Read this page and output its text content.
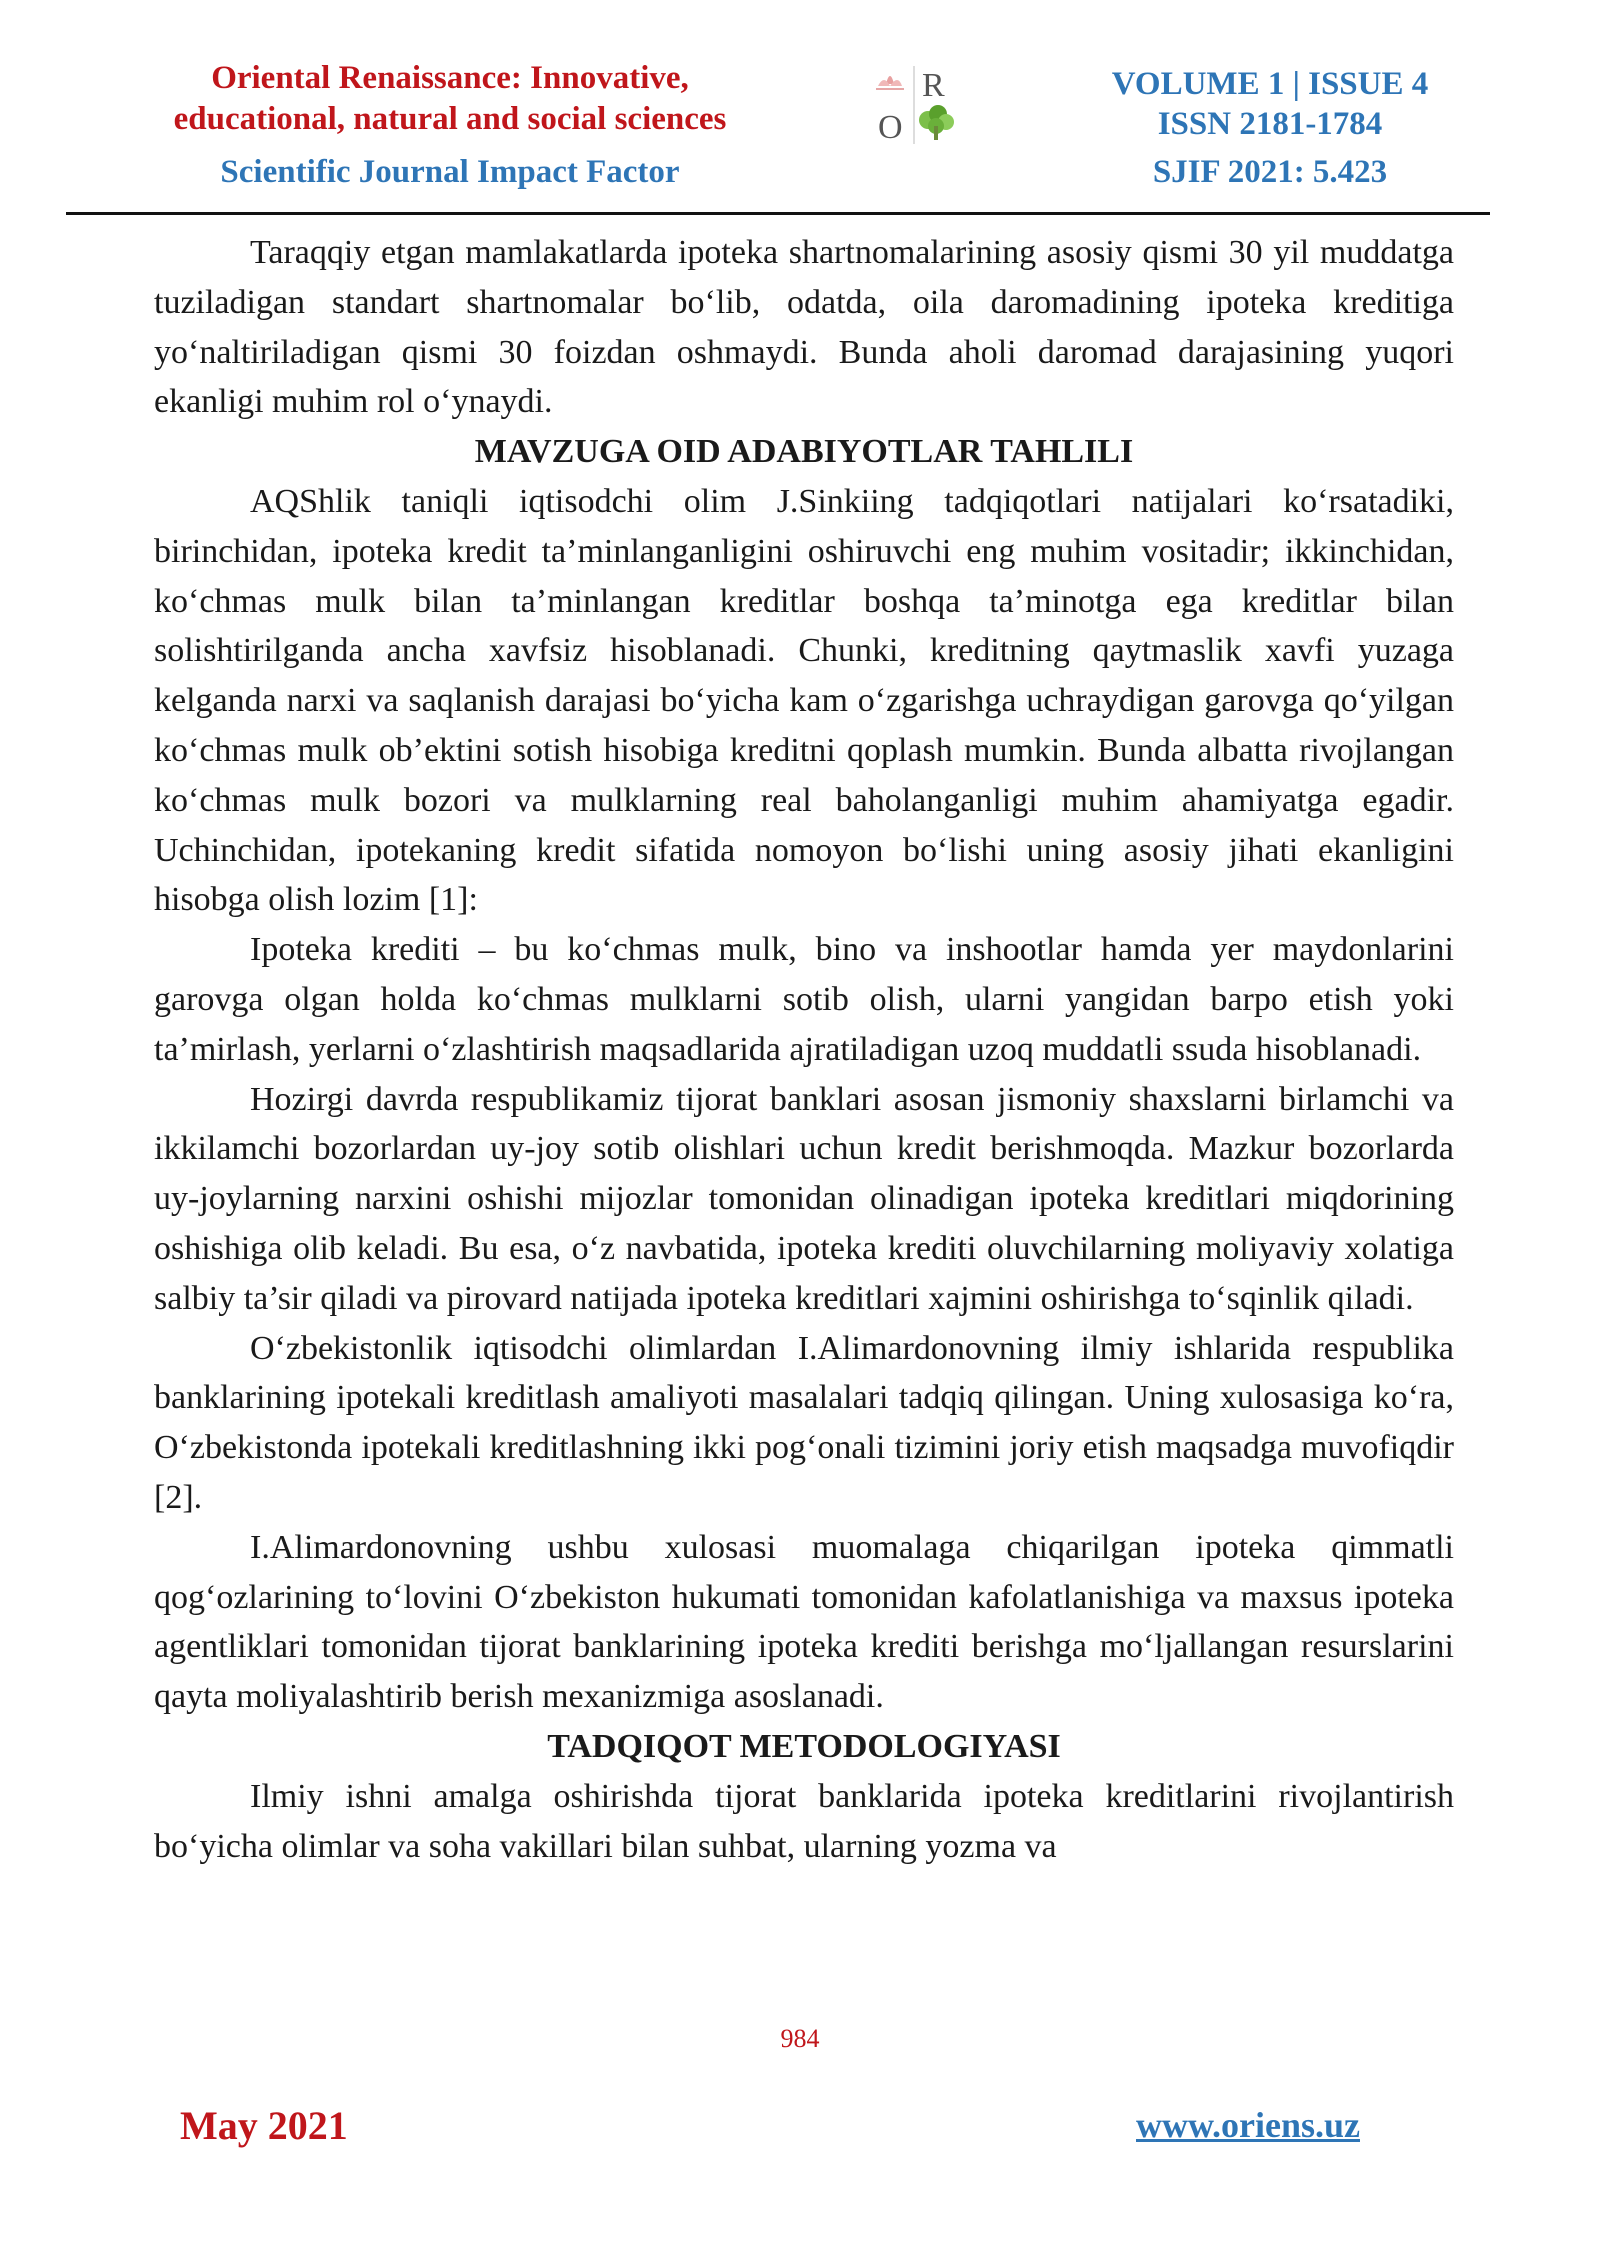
Oriental Renaissance: Innovative,
educational, natural and social sciences
Scientific Journal Impact Factor
R
O
VOLUME 1 | ISSUE 4
ISSN 2181-1784
SJIF 2021: 5.423

Taraqqiy etgan mamlakatlarda ipoteka shartnomalarining asosiy qismi 30 yil muddatga tuziladigan standart shartnomalar bo‘lib, odatda, oila daromadining ipoteka kreditiga yo‘naltiriladigan qismi 30 foizdan oshmaydi. Bunda aholi daromad darajasining yuqori ekanligi muhim rol o‘ynaydi.

MAVZUGA OID ADABIYOTLAR TAHLILI

AQShlik taniqli iqtisodchi olim J.Sinkiing tadqiqotlari natijalari ko‘rsatadiki, birinchidan, ipoteka kredit ta’minlanganligini oshiruvchi eng muhim vositadir; ikkinchidan, ko‘chmas mulk bilan ta’minlangan kreditlar boshqa ta’minotga ega kreditlar bilan solishtirilganda ancha xavfsiz hisoblanadi. Chunki, kreditning qaytmaslik xavfi yuzaga kelganda narxi va saqlanish darajasi bo‘yicha kam o‘zgarishga uchraydigan garovga qo‘yilgan ko‘chmas mulk ob’ektini sotish hisobiga kreditni qoplash mumkin. Bunda albatta rivojlangan ko‘chmas mulk bozori va mulklarning real baholanganligi muhim ahamiyatga egadir. Uchinchidan, ipotekaning kredit sifatida nomoyon bo‘lishi uning asosiy jihati ekanligini hisobga olish lozim [1]:

Ipoteka krediti – bu ko‘chmas mulk, bino va inshootlar hamda yer maydonlarini garovga olgan holda ko‘chmas mulklarni sotib olish, ularni yangidan barpo etish yoki ta’mirlash, yerlarni o‘zlashtirish maqsadlarida ajratiladigan uzoq muddatli ssuda hisoblanadi.

Hozirgi davrda respublikamiz tijorat banklari asosan jismoniy shaxslarni birlamchi va ikkilamchi bozorlardan uy-joy sotib olishlari uchun kredit berishmoqda. Mazkur bozorlarda uy-joylarning narxini oshishi mijozlar tomonidan olinadigan ipoteka kreditlari miqdorining oshishiga olib keladi. Bu esa, o‘z navbatida, ipoteka krediti oluvchilarning moliyaviy xolatiga salbiy ta’sir qiladi va pirovard natijada ipoteka kreditlari xajmini oshirishga to‘sqinlik qiladi.

O‘zbekistonlik iqtisodchi olimlardan I.Alimardonovning ilmiy ishlarida respublika banklarining ipotekali kreditlash amaliyoti masalalari tadqiq qilingan. Uning xulosasiga ko‘ra, O‘zbekistonda ipotekali kreditlashning ikki pog‘onali tizimini joriy etish maqsadga muvofiqdir [2].

I.Alimardonovning ushbu xulosasi muomalaga chiqarilgan ipoteka qimmatli qog‘ozlarining to‘lovini O‘zbekiston hukumati tomonidan kafolatlanishiga va maxsus ipoteka agentliklari tomonidan tijorat banklarining ipoteka krediti berishga mo‘ljallangan resurslarini qayta moliyalashtirib berish mexanizmiga asoslanadi.

TADQIQOT METODOLOGIYASI

Ilmiy ishni amalga oshirishda tijorat banklarida ipoteka kreditlarini rivojlantirish bo‘yicha olimlar va soha vakillari bilan suhbat, ularning yozma va

984
May 2021	www.oriens.uz
